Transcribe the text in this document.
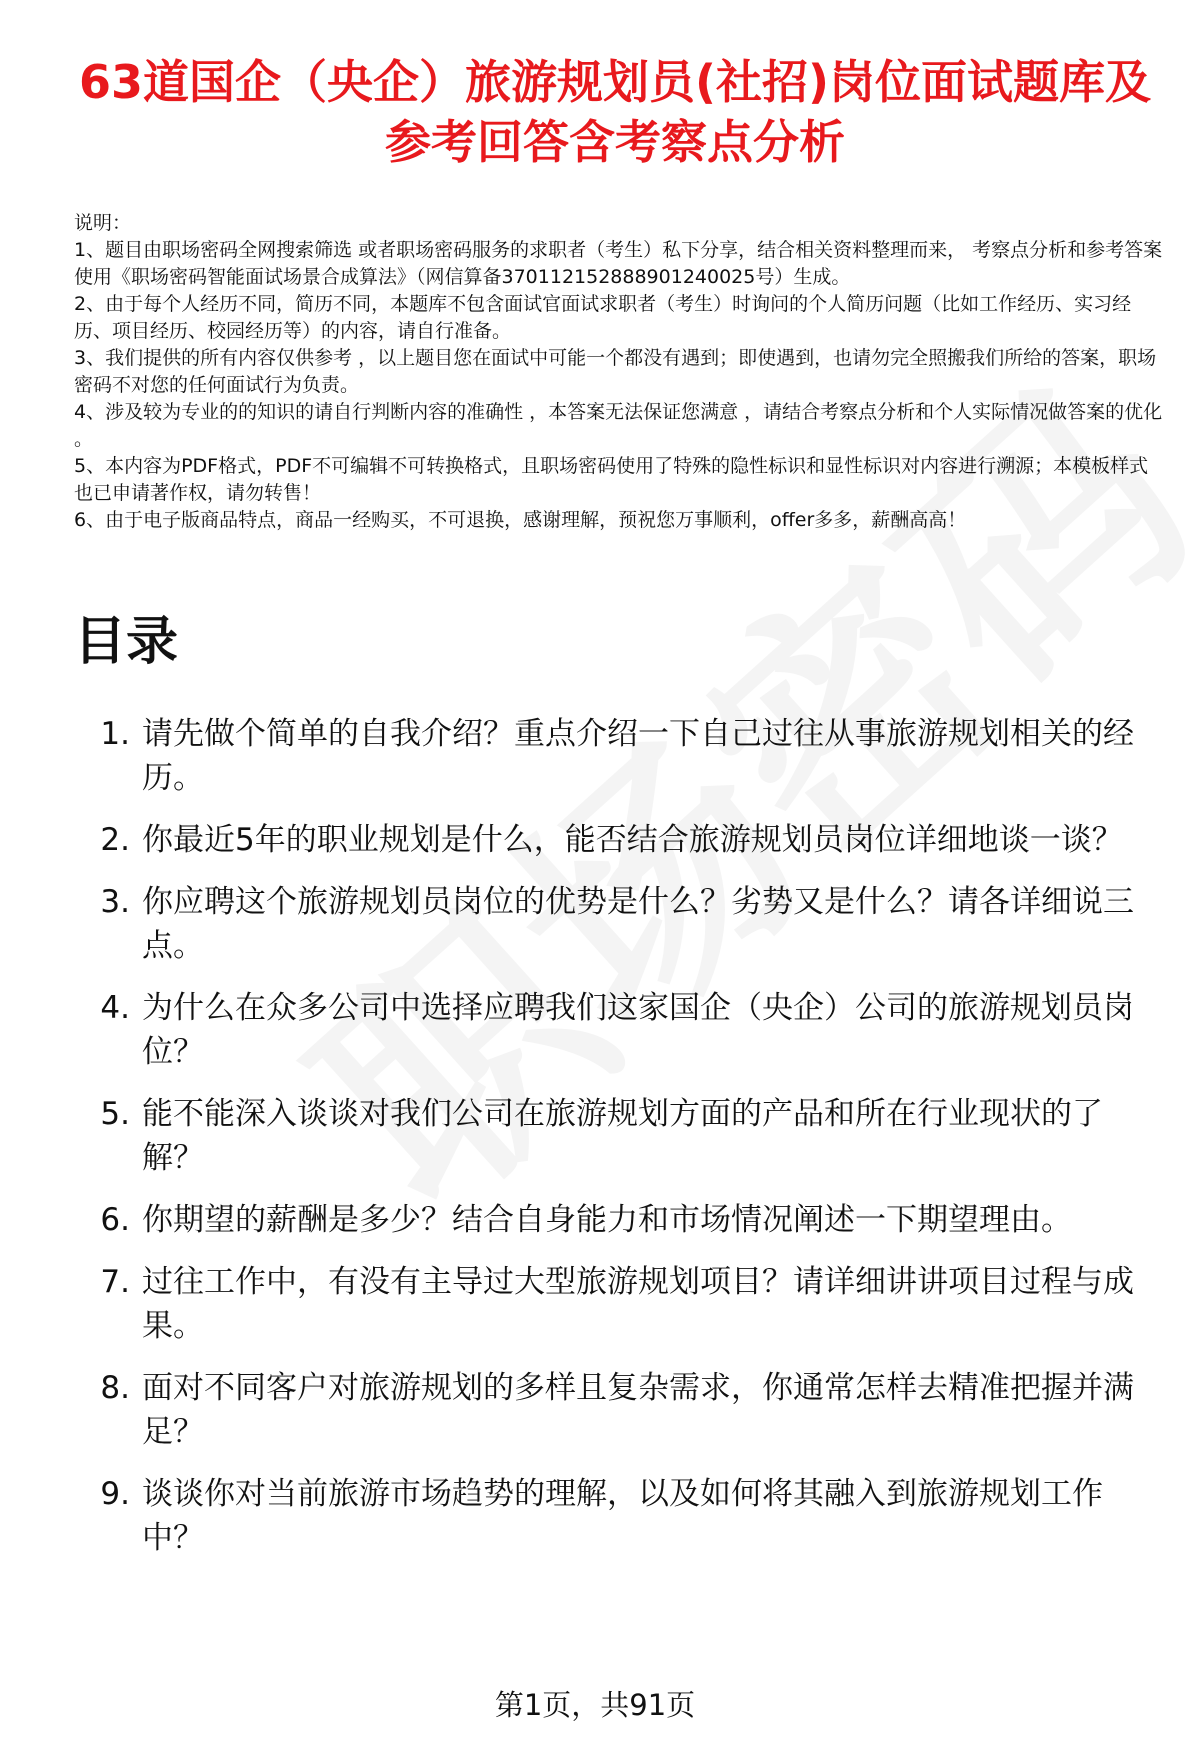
63道国企（央企）旅游规划员(社招)岗位面试题库及参考回答含考察点分析

说明：

1、题目由职场密码全网搜索筛选 或者职场密码服务的求职者（考生）私下分享，结合相关资料整理而来， 考察点分析和参考答案使用《职场密码智能面试场景合成算法》（网信算备370112152888901240025号）生成。

2、由于每个人经历不同，简历不同，本题库不包含面试官面试求职者（考生）时询问的个人简历问题（比如工作经历、实习经历、项目经历、校园经历等）的内容，请自行准备。

3、我们提供的所有内容仅供参考 ，以上题目您在面试中可能一个都没有遇到；即使遇到，也请勿完全照搬我们所给的答案，职场密码不对您的任何面试行为负责。

4、涉及较为专业的的知识的请自行判断内容的准确性 ，本答案无法保证您满意 ，请结合考察点分析和个人实际情况做答案的优化 。

5、本内容为PDF格式，PDF不可编辑不可转换格式，且职场密码使用了特殊的隐性标识和显性标识对内容进行溯源；本模板样式也已申请著作权，请勿转售！

6、由于电子版商品特点，商品一经购买，不可退换，感谢理解，预祝您万事顺利，offer多多，薪酬高高！

目录
1. 请先做个简单的自我介绍？重点介绍一下自己过往从事旅游规划相关的经历。
2. 你最近5年的职业规划是什么，能否结合旅游规划员岗位详细地谈一谈？
3. 你应聘这个旅游规划员岗位的优势是什么？劣势又是什么？请各详细说三点。
4. 为什么在众多公司中选择应聘我们这家国企（央企）公司的旅游规划员岗位？
5. 能不能深入谈谈对我们公司在旅游规划方面的产品和所在行业现状的了解？
6. 你期望的薪酬是多少？结合自身能力和市场情况阐述一下期望理由。
7. 过往工作中，有没有主导过大型旅游规划项目？请详细讲讲项目过程与成果。
8. 面对不同客户对旅游规划的多样且复杂需求，你通常怎样去精准把握并满足？
9. 谈谈你对当前旅游市场趋势的理解，以及如何将其融入到旅游规划工作中？
第1页，共91页
